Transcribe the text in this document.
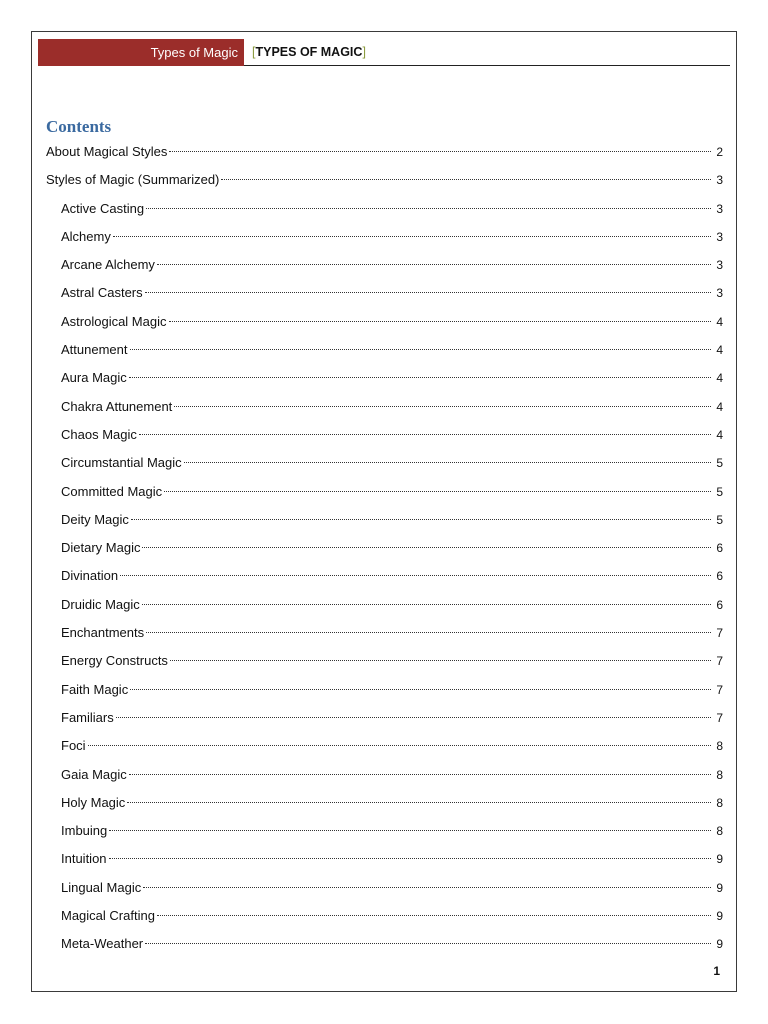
Types of Magic	[TYPES OF MAGIC]
Contents
About Magical Styles	2
Styles of Magic (Summarized)	3
Active Casting	3
Alchemy	3
Arcane Alchemy	3
Astral Casters	3
Astrological Magic	4
Attunement	4
Aura Magic	4
Chakra Attunement	4
Chaos Magic	4
Circumstantial Magic	5
Committed Magic	5
Deity Magic	5
Dietary Magic	6
Divination	6
Druidic Magic	6
Enchantments	7
Energy Constructs	7
Faith Magic	7
Familiars	7
Foci	8
Gaia Magic	8
Holy Magic	8
Imbuing	8
Intuition	9
Lingual Magic	9
Magical Crafting	9
Meta-Weather	9
1
